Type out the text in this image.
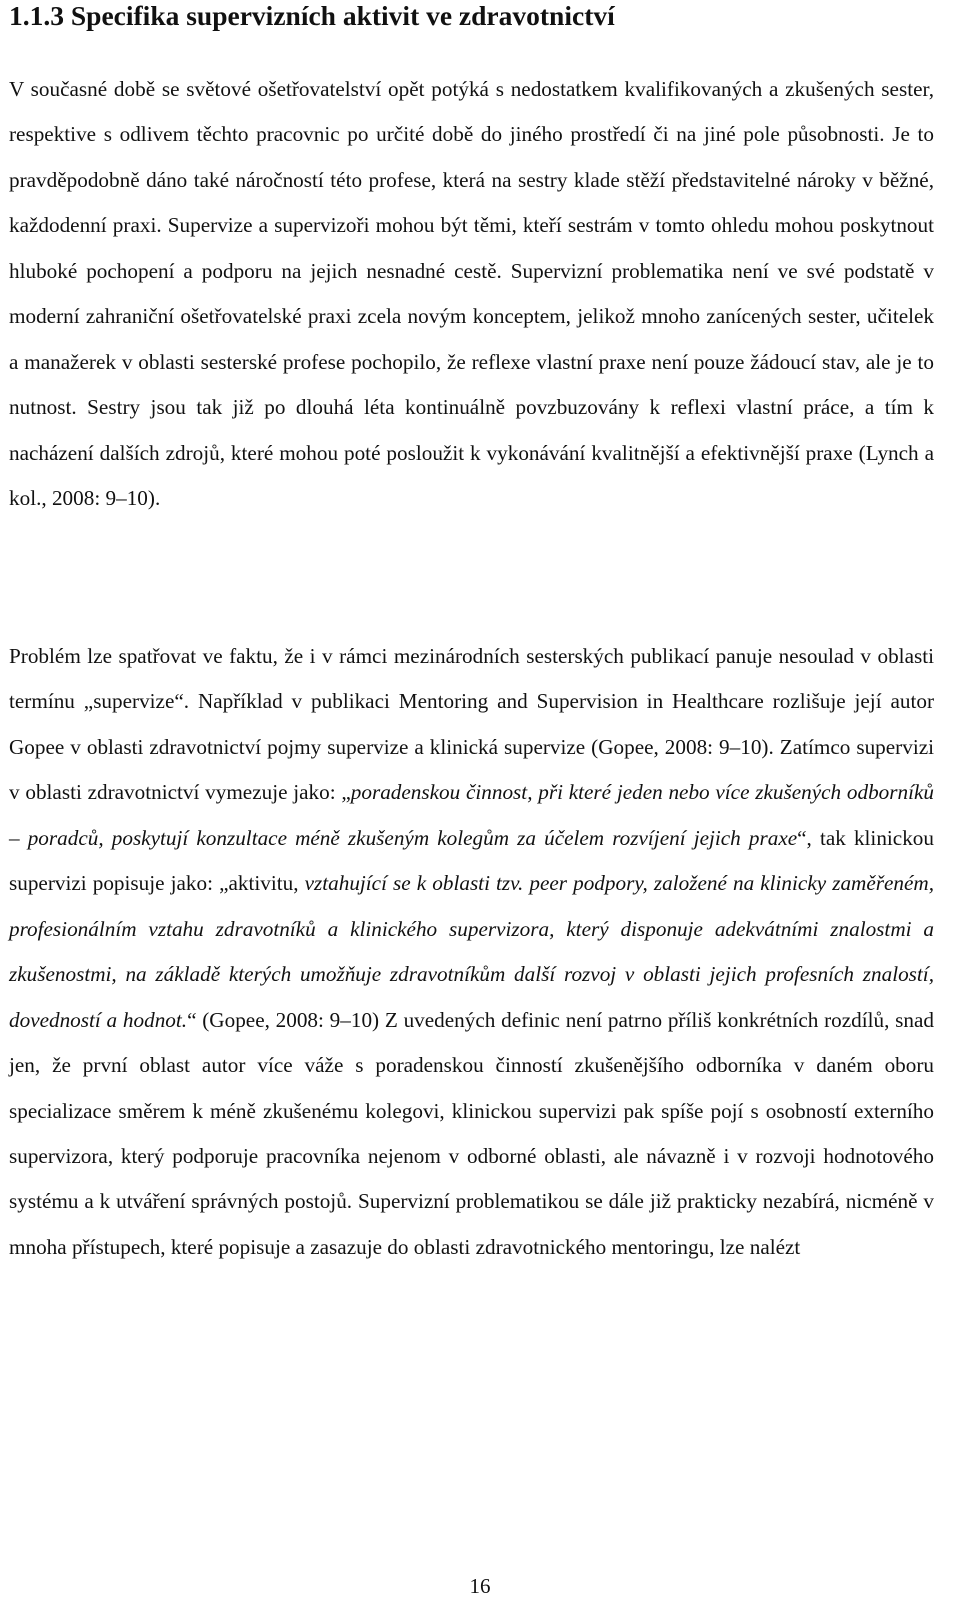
1.1.3 Specifika supervizních aktivit ve zdravotnictví

V současné době se světové ošetřovatelství opět potýká s nedostatkem kvalifikovaných a zkušených sester, respektive s odlivem těchto pracovnic po určité době do jiného prostředí či na jiné pole působnosti. Je to pravděpodobně dáno také náročností této profese, která na sestry klade stěží představitelné nároky v běžné, každodenní praxi. Supervize a supervizoři mohou být těmi, kteří sestrám v tomto ohledu mohou poskytnout hluboké pochopení a podporu na jejich nesnadné cestě. Supervizní problematika není ve své podstatě v moderní zahraniční ošetřovatelské praxi zcela novým konceptem, jelikož mnoho zanícených sester, učitelek a manažerek v oblasti sesterské profese pochopilo, že reflexe vlastní praxe není pouze žádoucí stav, ale je to nutnost. Sestry jsou tak již po dlouhá léta kontinuálně povzbuzovány k reflexi vlastní práce, a tím k nacházení dalších zdrojů, které mohou poté posloužit k vykonávání kvalitnější a efektivnější praxe (Lynch a kol., 2008: 9–10).

Problém lze spatřovat ve faktu, že i v rámci mezinárodních sesterských publikací panuje nesoulad v oblasti termínu „supervize“. Například v publikaci Mentoring and Supervision in Healthcare rozlišuje její autor Gopee v oblasti zdravotnictví pojmy supervize a klinická supervize (Gopee, 2008: 9–10). Zatímco supervizi v oblasti zdravotnictví vymezuje jako: „poradenskou činnost, při které jeden nebo více zkušených odborníků – poradců, poskytují konzultace méně zkušeným kolegům za účelem rozvíjení jejich praxe“, tak klinickou supervizi popisuje jako: „aktivitu, vztahující se k oblasti tzv. peer podpory, založené na klinicky zaměřeném, profesionálním vztahu zdravotníků a klinického supervizora, který disponuje adekvátními znalostmi a zkušenostmi, na základě kterých umožňuje zdravotníkům další rozvoj v oblasti jejich profesních znalostí, dovedností a hodnot.“ (Gopee, 2008: 9–10) Z uvedených definic není patrno příliš konkrétních rozdílů, snad jen, že první oblast autor více váže s poradenskou činností zkušenějšího odborníka v daném oboru specializace směrem k méně zkušenému kolegovi, klinickou supervizi pak spíše pojí s osobností externího supervizora, který podporuje pracovníka nejenom v odborné oblasti, ale návazně i v rozvoji hodnotového systému a k utváření správných postojů. Supervizní problematikou se dále již prakticky nezabírá, nicméně v mnoha přístupech, které popisuje a zasazuje do oblasti zdravotnického mentoringu, lze nalézt

16
